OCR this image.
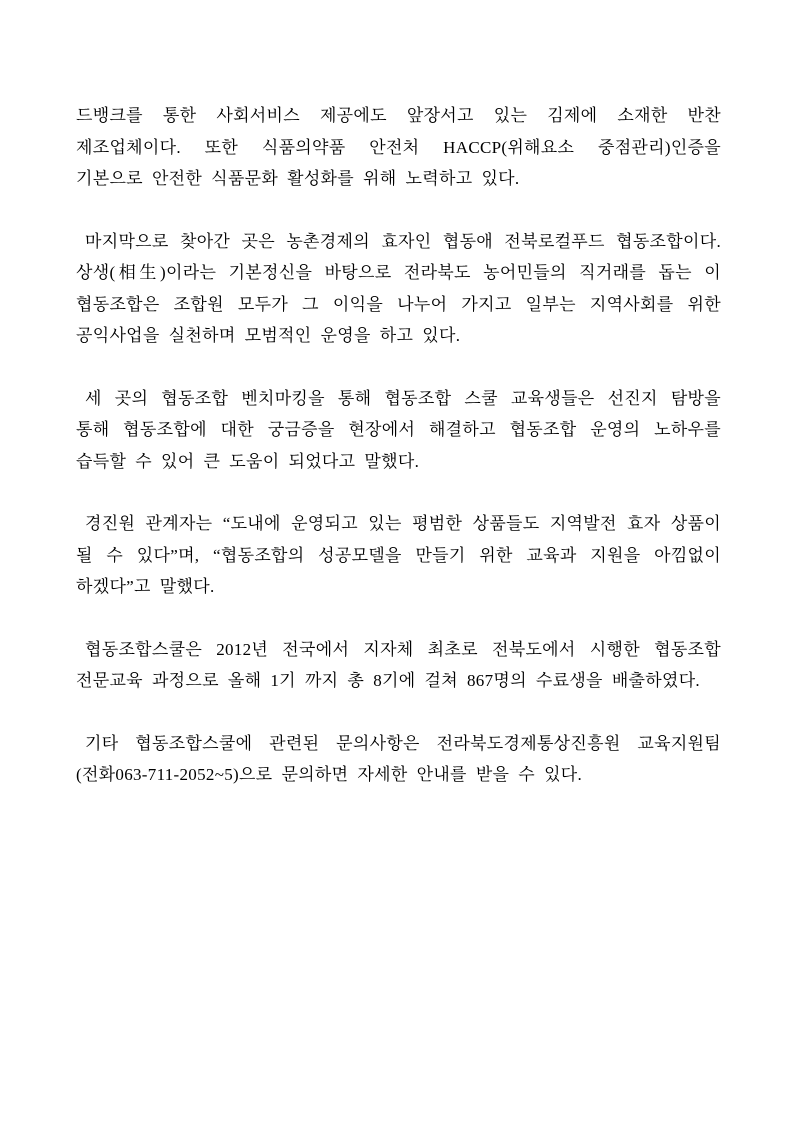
드뱅크를 통한 사회서비스 제공에도 앞장서고 있는 김제에 소재한 반찬 제조업체이다. 또한 식품의약품 안전처 HACCP(위해요소 중점관리)인증을 기본으로 안전한 식품문화 활성화를 위해 노력하고 있다.

마지막으로 찾아간 곳은 농촌경제의 효자인 협동애 전북로컬푸드 협동조합이다. 상생(相生)이라는 기본정신을 바탕으로 전라북도 농어민들의 직거래를 돕는 이 협동조합은 조합원 모두가 그 이익을 나누어 가지고 일부는 지역사회를 위한 공익사업을 실천하며 모범적인 운영을 하고 있다.

세 곳의 협동조합 벤치마킹을 통해 협동조합 스쿨 교육생들은 선진지 탐방을 통해 협동조합에 대한 궁금증을 현장에서 해결하고 협동조합 운영의 노하우를 습득할 수 있어 큰 도움이 되었다고 말했다.

경진원 관계자는 “도내에 운영되고 있는 평범한 상품들도 지역발전 효자 상품이 될 수 있다”며, “협동조합의 성공모델을 만들기 위한 교육과 지원을 아낌없이 하겠다”고 말했다.

협동조합스쿨은 2012년 전국에서 지자체 최초로 전북도에서 시행한 협동조합 전문교육 과정으로 올해 1기 까지 총 8기에 걸쳐 867명의 수료생을 배출하였다.

기타 협동조합스쿨에 관련된 문의사항은 전라북도경제통상진흥원 교육지원팀(전화063-711-2052~5)으로 문의하면 자세한 안내를 받을 수 있다.
